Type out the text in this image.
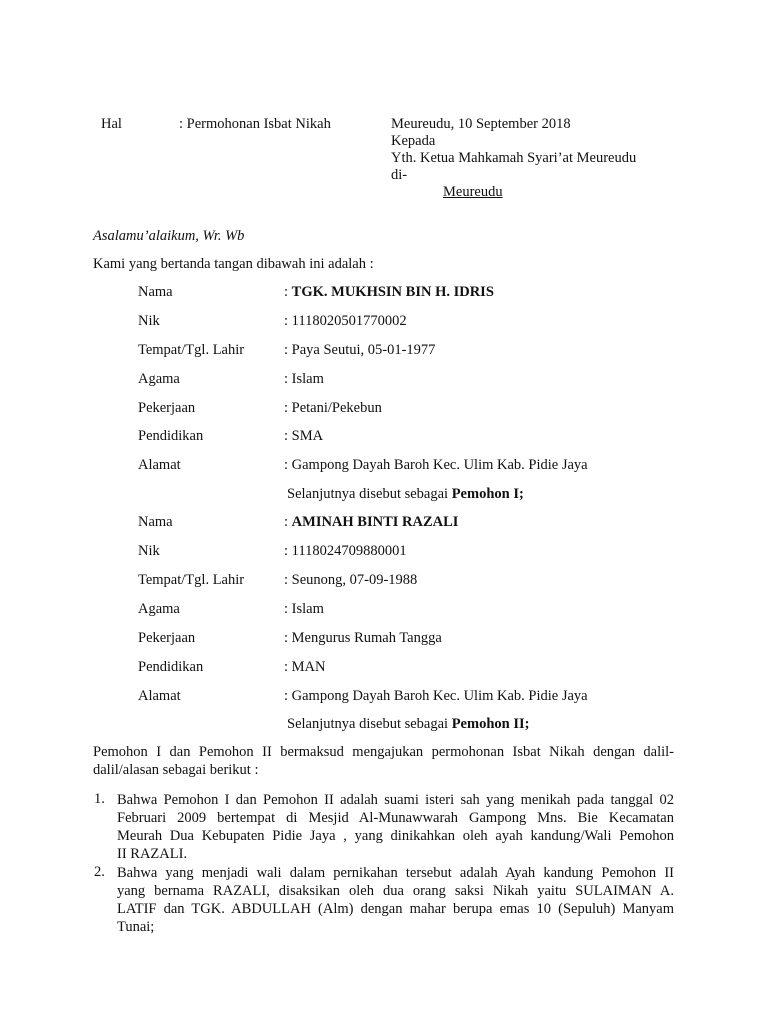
Hal	: Permohonan Isbat Nikah	Meureudu, 10 September 2018
Kepada
Yth. Ketua Mahkamah Syari’at Meureudu
di-
Meureudu
Asalamu’alaikum, Wr. Wb
Kami yang bertanda tangan dibawah ini adalah :
Nama	: TGK. MUKHSIN BIN H. IDRIS
Nik	: 1118020501770002
Tempat/Tgl. Lahir	: Paya Seutui, 05-01-1977
Agama	: Islam
Pekerjaan	: Petani/Pekebun
Pendidikan	: SMA
Alamat	: Gampong Dayah Baroh Kec. Ulim Kab. Pidie Jaya
Selanjutnya disebut sebagai Pemohon I;
Nama	: AMINAH BINTI RAZALI
Nik	: 1118024709880001
Tempat/Tgl. Lahir	: Seunong, 07-09-1988
Agama	: Islam
Pekerjaan	: Mengurus Rumah Tangga
Pendidikan	: MAN
Alamat	: Gampong Dayah Baroh Kec. Ulim Kab. Pidie Jaya
Selanjutnya disebut sebagai Pemohon II;
Pemohon I dan Pemohon II bermaksud mengajukan permohonan Isbat Nikah dengan dalil-
dalil/alasan sebagai berikut :
1. Bahwa Pemohon I dan Pemohon II adalah suami isteri sah yang menikah pada tanggal 02
Februari 2009 bertempat di Mesjid Al-Munawwarah Gampong Mns. Bie Kecamatan
Meurah Dua Kebupaten Pidie Jaya , yang dinikahkan oleh ayah kandung/Wali Pemohon
II RAZALI.
2. Bahwa yang menjadi wali dalam pernikahan tersebut adalah Ayah kandung Pemohon II
yang bernama RAZALI, disaksikan oleh dua orang saksi Nikah yaitu SULAIMAN A.
LATIF dan TGK. ABDULLAH (Alm) dengan mahar berupa emas 10 (Sepuluh) Manyam
Tunai;
